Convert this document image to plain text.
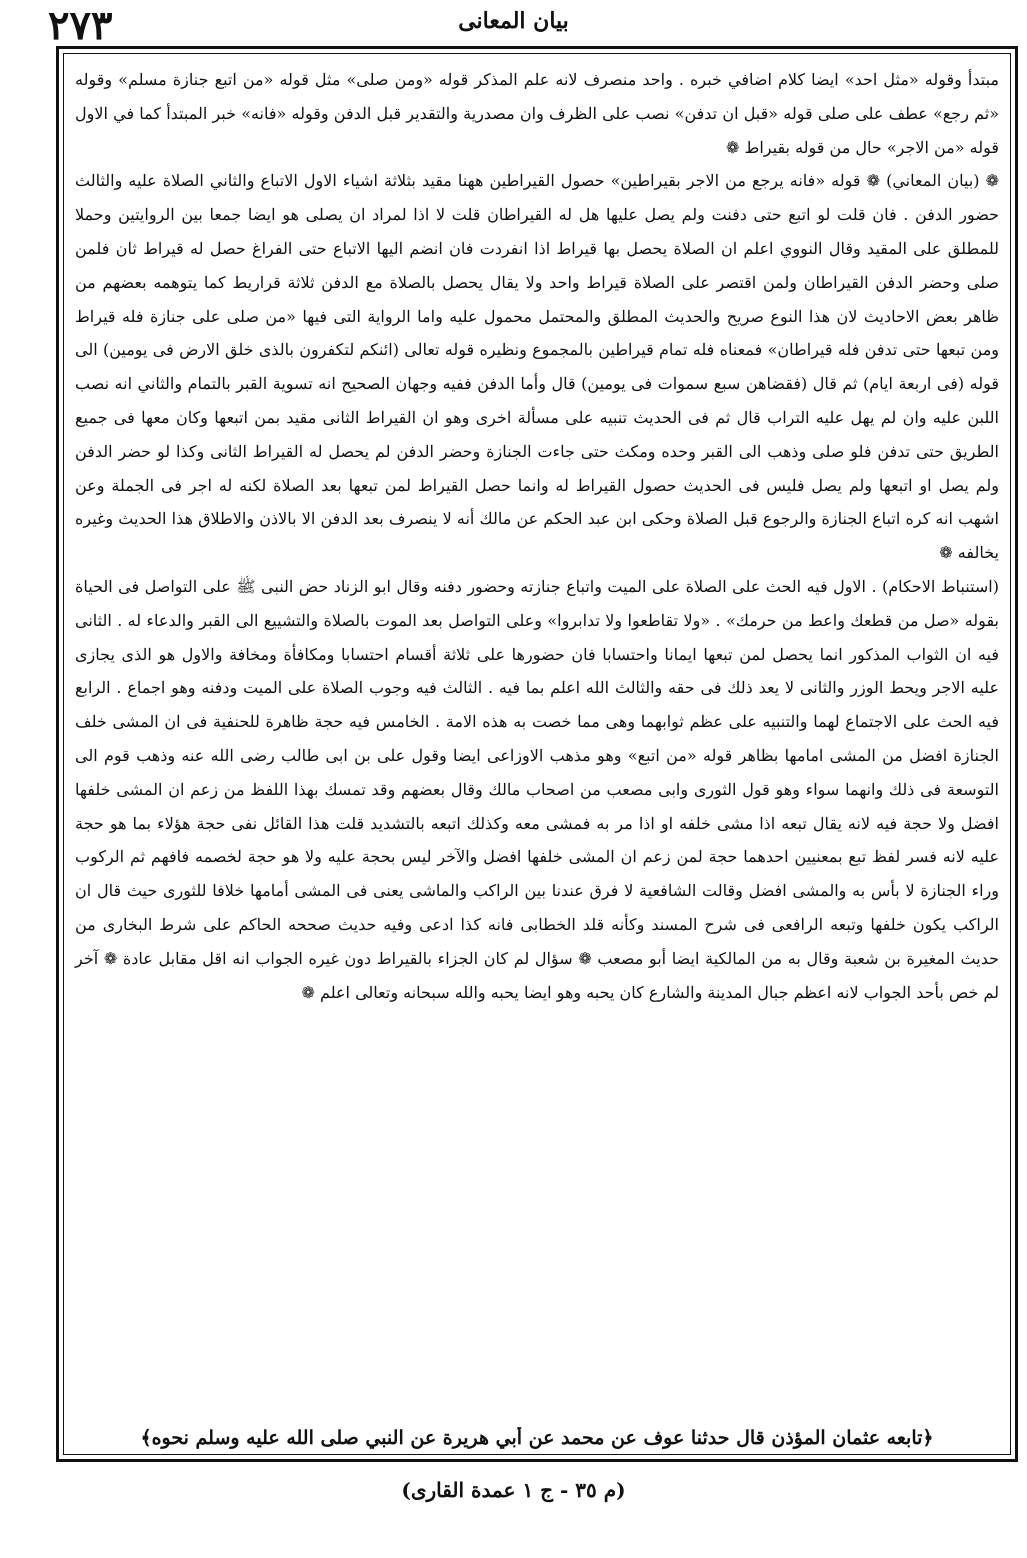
٢٧٣	بيان المعانى

مبتدأ وقوله «مثل احد» ايضا كلام اضافي خبره . واحد منصرف لانه علم المذكر قوله «ومن صلى» مثل قوله «من اتبع جنازة مسلم» وقوله «ثم رجع» عطف على صلى قوله «قبل ان تدفن» نصب على الظرف وان مصدرية والتقدير قبل الدفن وقوله «فانه» خبر المبتدأ كما في الاول قوله «من الاجر» حال من قوله بقيراط ❁

❁ (بيان المعاني) ❁ قوله «فانه يرجع من الاجر بقيراطين» حصول القيراطين ههنا مقيد بثلاثة اشياء الاول الاتباع والثاني الصلاة عليه والثالث حضور الدفن . فان قلت لو اتبع حتى دفنت ولم يصل عليها هل له القيراطان قلت لا اذا لمراد ان يصلى هو ايضا جمعا بين الروايتين وحملا للمطلق على المقيد وقال النووي اعلم ان الصلاة يحصل بها قيراط اذا انفردت فان انضم اليها الاتباع حتى الفراغ حصل له قيراط ثان فلمن صلى وحضر الدفن القيراطان ولمن اقتصر على الصلاة قيراط واحد ولا يقال يحصل بالصلاة مع الدفن ثلاثة قراريط كما يتوهمه بعضهم من ظاهر بعض الاحاديث لان هذا النوع صريح والحديث المطلق والمحتمل محمول عليه واما الرواية التى فيها «من صلى على جنازة فله قيراط ومن تبعها حتى تدفن فله قيراطان» فمعناه فله تمام قيراطين بالمجموع ونظيره قوله تعالى (ائنكم لتكفرون بالذى خلق الارض فى يومين) الى قوله (فى اربعة ايام) ثم قال (فقضاهن سبع سموات فى يومين) قال وأما الدفن ففيه وجهان الصحيح انه تسوية القبر بالتمام والثاني انه نصب اللبن عليه وان لم يهل عليه التراب قال ثم فى الحديث تنبيه على مسألة اخرى وهو ان القيراط الثانى مقيد بمن اتبعها وكان معها فى جميع الطريق حتى تدفن فلو صلى وذهب الى القبر وحده ومكث حتى جاءت الجنازة وحضر الدفن لم يحصل له القيراط الثانى وكذا لو حضر الدفن ولم يصل او اتبعها ولم يصل فليس فى الحديث حصول القيراط له وانما حصل القيراط لمن تبعها بعد الصلاة لكنه له اجر فى الجملة وعن اشهب انه كره اتباع الجنازة والرجوع قبل الصلاة وحكى ابن عبد الحكم عن مالك أنه لا ينصرف بعد الدفن الا بالاذن والاطلاق هذا الحديث وغيره يخالفه ❁

(استنباط الاحكام) . الاول فيه الحث على الصلاة على الميت واتباع جنازته وحضور دفنه وقال ابو الزناد حض النبى ﷺ على التواصل فى الحياة بقوله «صل من قطعك واعط من حرمك» . «ولا تقاطعوا ولا تدابروا» وعلى التواصل بعد الموت بالصلاة والتشييع الى القبر والدعاء له . الثانى فيه ان الثواب المذكور انما يحصل لمن تبعها ايمانا واحتسابا فان حضورها على ثلاثة أقسام احتسابا ومكافأة ومخافة والاول هو الذى يجازى عليه الاجر ويحط الوزر والثانى لا يعد ذلك فى حقه والثالث الله اعلم بما فيه . الثالث فيه وجوب الصلاة على الميت ودفنه وهو اجماع . الرابع فيه الحث على الاجتماع لهما والتنبيه على عظم ثوابهما وهى مما خصت به هذه الامة . الخامس فيه حجة ظاهرة للحنفية فى ان المشى خلف الجنازة افضل من المشى امامها بظاهر قوله «من اتبع» وهو مذهب الاوزاعى ايضا وقول على بن ابى طالب رضى الله عنه وذهب قوم الى التوسعة فى ذلك وانهما سواء وهو قول الثورى وابى مصعب من اصحاب مالك وقال بعضهم وقد تمسك بهذا اللفظ من زعم ان المشى خلفها افضل ولا حجة فيه لانه يقال تبعه اذا مشى خلفه او اذا مر به فمشى معه وكذلك اتبعه بالتشديد قلت هذا القائل نفى حجة هؤلاء بما هو حجة عليه لانه فسر لفظ تبع بمعنيين احدهما حجة لمن زعم ان المشى خلفها افضل والآخر ليس بحجة عليه ولا هو حجة لخصمه فافهم ثم الركوب وراء الجنازة لا بأس به والمشى افضل وقالت الشافعية لا فرق عندنا بين الراكب والماشى يعنى فى المشى أمامها خلافا للثورى حيث قال ان الراكب يكون خلفها وتبعه الرافعى فى شرح المسند وكأنه قلد الخطابى فانه كذا ادعى وفيه حديث صححه الحاكم على شرط البخارى من حديث المغيرة بن شعبة وقال به من المالكية ايضا أبو مصعب ❁ سؤال لم كان الجزاء بالقيراط دون غيره الجواب انه اقل مقابل عادة ❁ آخر لم خص بأحد الجواب لانه اعظم جبال المدينة والشارع كان يحبه وهو ايضا يحبه والله سبحانه وتعالى اعلم ❁

﴿تابعه عثمان المؤذن قال حدثنا عوف عن محمد عن أبي هريرة عن النبي صلى الله عليه وسلم نحوه﴾
(م ٣٥ - ج ١ عمدة القارى)
